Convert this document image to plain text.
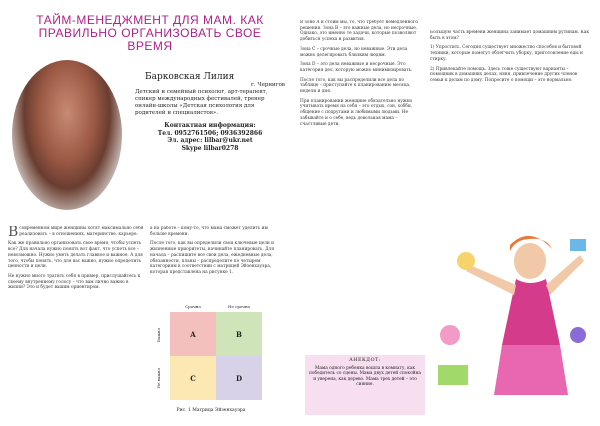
ТАЙМ-МЕНЕДЖМЕНТ ДЛЯ МАМ. КАК ПРАВИЛЬНО ОРГАНИЗОВАТЬ СВОЕ ВРЕМЯ
Барковская Лилия
г. Чернигов
Детский и семейный психолог, арт-терапевт, спикер международных фестивалей, тренер онлайн-школы «Детская психология для родителей и специалистов».
Контактная информация:
Тел. 0952761506; 0936392866
Эл. адрес: lilbar@ukr.net
Skype lilbar0278

Всовременном мире женщины хотят максимально себя реализовать – в отношениях, материнстве, карьере.

Как же правильно организовать свое время, чтобы успеть все? Для начала нужно понять вот факт, что успеть все – невозможно. Нужно уметь делать главное и важное. А для того, чтобы понять, что для вас важно, нужно определить ценности и цели.

Не нужно много тратить себя в пример, прислушайтесь к своему внутреннему голосу – что вам лично важно в жизни? Это и будет вашим ориентиром.

а на работе – кому-то, что мама сможет уделить им больше времени.

После того, как вы определили свои ключевые цели и жизненные приоритеты, начинайте планировать. Для начала – распишите все свои дела, ежедневные дела, обязанности, планы – распределите по четырем категориям в соответствии с матрицей Эйзенхауэра, которая представлена на рисунке 1.

Срочно	Не срочно
Важно
Не важно
A	B
C	D
Рис. 1 Матрица Эйзенхауэра

В зоне А и стоим мы, то, что требует немедленного решения. Зона B – это важные дела, но несрочные. Однако, это именно те задачи, которые позволяют добиться успеха и развития.

Зона C – срочные дела, но неважные. Эти дела можно делегировать близким людям.

Зона D – это дела неважные и несрочные. Это категория дел, которую можно минимизировать.

После того, как вы распределили все дела по таблице – приступайте к планированию месяца, недели и дня.

При планировании женщине обязательно нужно учитывать время на себя – это отдых, сон, хобби, общение с подругами и любимыми людьми. Не забывайте и о себе, ведь довольная мама – счастливые дети.

АНЕКДОТ:
Мама одного ребенка вошла в комнату, как победитель со сцены. Мама двух детей спокойна и уверена, как дерево. Мама трех детей – это сияние.

Большую часть времени женщина занимает домашним рутинам. Как быть в этом?

1) Упростить. Сегодня существует множество способов и бытовой техники, которые помогут облегчить уборку, приготовление еды и стирку.

2) Привлекайте помощь. Здесь тоже существуют варианты – помощник в домашних делах, няня, привлечение других членов семьи к делам по дому. Попросите о помощи – это нормально.
